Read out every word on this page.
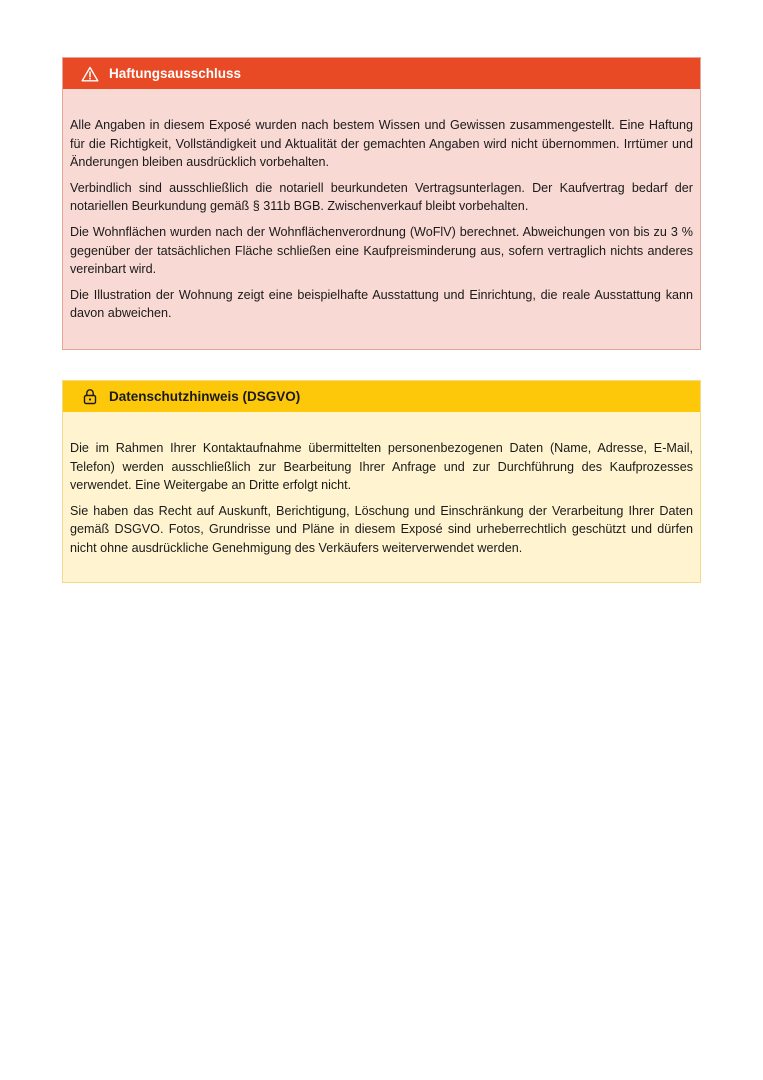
Haftungsausschluss

Alle Angaben in diesem Exposé wurden nach bestem Wissen und Gewissen zusammengestellt. Eine Haftung für die Richtigkeit, Vollständigkeit und Aktualität der gemachten Angaben wird nicht übernommen. Irrtümer und Änderungen bleiben ausdrücklich vorbehalten.

Verbindlich sind ausschließlich die notariell beurkundeten Vertragsunterlagen. Der Kaufvertrag bedarf der notariellen Beurkundung gemäß § 311b BGB. Zwischenverkauf bleibt vorbehalten.

Die Wohnflächen wurden nach der Wohnflächenverordnung (WoFlV) berechnet. Abweichungen von bis zu 3 % gegenüber der tatsächlichen Fläche schließen eine Kaufpreisminderung aus, sofern vertraglich nichts anderes vereinbart wird.

Die Illustration der Wohnung zeigt eine beispielhafte Ausstattung und Einrichtung, die reale Ausstattung kann davon abweichen.

Datenschutzhinweis (DSGVO)

Die im Rahmen Ihrer Kontaktaufnahme übermittelten personenbezogenen Daten (Name, Adresse, E-Mail, Telefon) werden ausschließlich zur Bearbeitung Ihrer Anfrage und zur Durchführung des Kaufprozesses verwendet. Eine Weitergabe an Dritte erfolgt nicht.

Sie haben das Recht auf Auskunft, Berichtigung, Löschung und Einschränkung der Verarbeitung Ihrer Daten gemäß DSGVO. Fotos, Grundrisse und Pläne in diesem Exposé sind urheberrechtlich geschützt und dürfen nicht ohne ausdrückliche Genehmigung des Verkäufers weiterverwendet werden.
